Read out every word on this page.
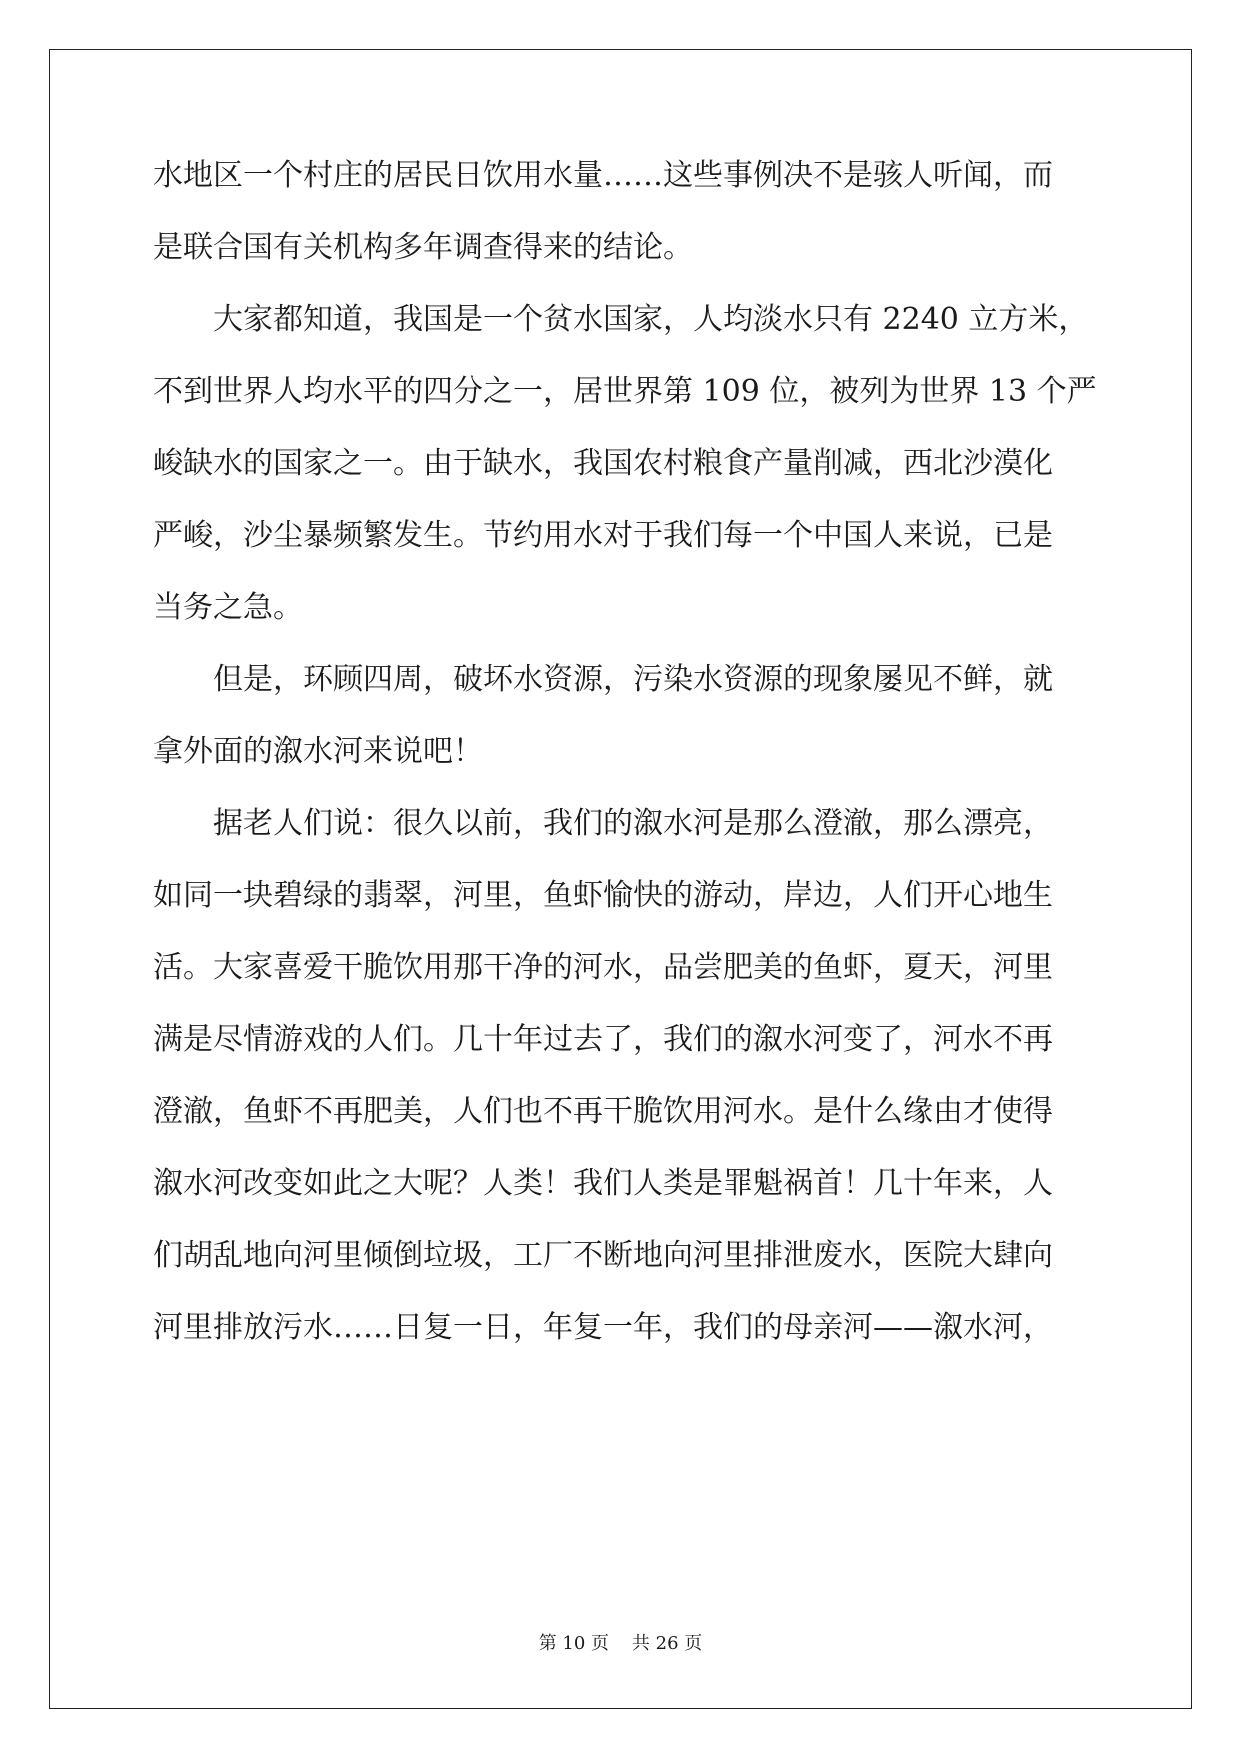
水地区一个村庄的居民日饮用水量……这些事例决不是骇人听闻，而
是联合国有关机构多年调查得来的结论。
大家都知道，我国是一个贫水国家，人均淡水只有 2240 立方米，
不到世界人均水平的四分之一，居世界第 109 位，被列为世界 13 个严
峻缺水的国家之一。由于缺水，我国农村粮食产量削减，西北沙漠化
严峻，沙尘暴频繁发生。节约用水对于我们每一个中国人来说，已是
当务之急。
但是，环顾四周，破坏水资源，污染水资源的现象屡见不鲜，就
拿外面的溆水河来说吧！
据老人们说：很久以前，我们的溆水河是那么澄澈，那么漂亮，
如同一块碧绿的翡翠，河里，鱼虾愉快的游动，岸边，人们开心地生
活。大家喜爱干脆饮用那干净的河水，品尝肥美的鱼虾，夏天，河里
满是尽情游戏的人们。几十年过去了，我们的溆水河变了，河水不再
澄澈，鱼虾不再肥美，人们也不再干脆饮用河水。是什么缘由才使得
溆水河改变如此之大呢？人类！我们人类是罪魁祸首！几十年来，人
们胡乱地向河里倾倒垃圾，工厂不断地向河里排泄废水，医院大肆向
河里排放污水……日复一日，年复一年，我们的母亲河——溆水河，
第 10 页    共 26 页
